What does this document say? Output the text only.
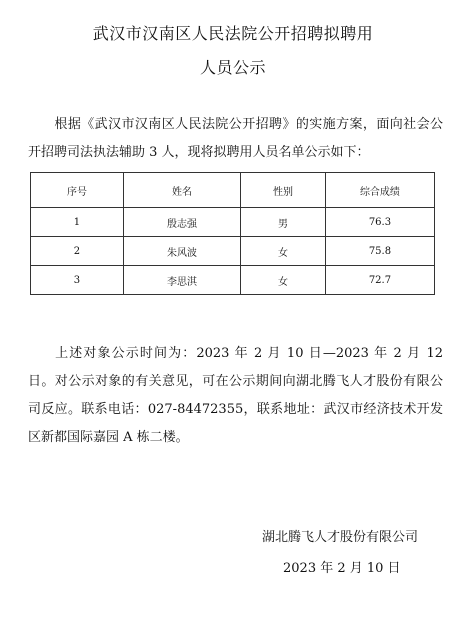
武汉市汉南区人民法院公开招聘拟聘用
人员公示

根据《武汉市汉南区人民法院公开招聘》的实施方案，面向社会公开招聘司法执法辅助 3 人，现将拟聘用人员名单公示如下：

序号	姓名	性别	综合成绩
1	殷志强	男	76.3
2	朱风波	女	75.8
3	李思淇	女	72.7

上述对象公示时间为：2023 年 2 月 10 日—2023 年 2 月 12 日。对公示对象的有关意见，可在公示期间向湖北腾飞人才股份有限公司反应。联系电话：027-84472355，联系地址：武汉市经济技术开发区新都国际嘉园 A 栋二楼。

湖北腾飞人才股份有限公司
2023 年 2 月 10 日
